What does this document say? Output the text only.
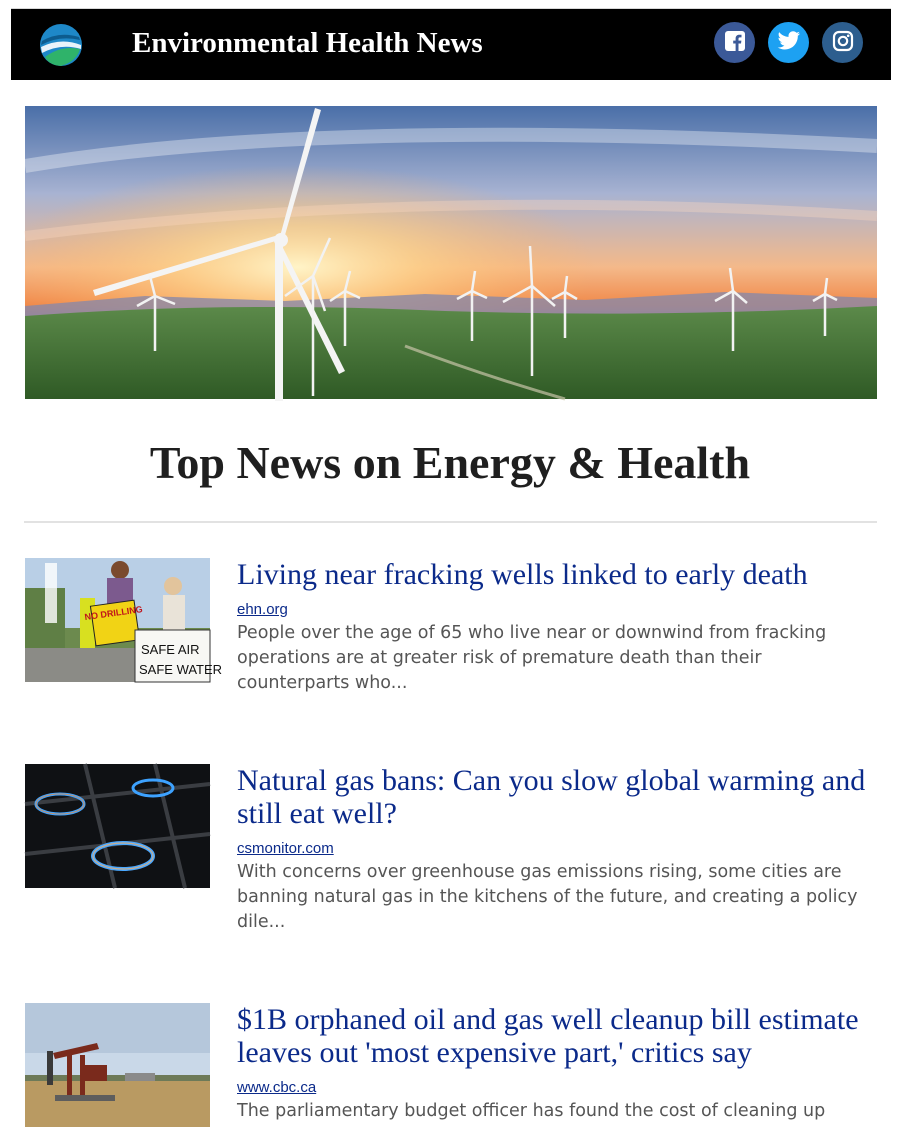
Environmental Health News
Top News on Energy & Health
NO DRILLING
SAFE AIR
SAFE WATER
Living near fracking wells linked to early death
ehn.org

People over the age of 65 who live near or downwind from fracking operations are at greater risk of premature death than their counterparts who...

Natural gas bans: Can you slow global warming and still eat well?
csmonitor.com

With concerns over greenhouse gas emissions rising, some cities are banning natural gas in the kitchens of the future, and creating a policy dile...

$1B orphaned oil and gas well cleanup bill estimate leaves out 'most expensive part,' critics say
www.cbc.ca

The parliamentary budget officer has found the cost of cleaning up
